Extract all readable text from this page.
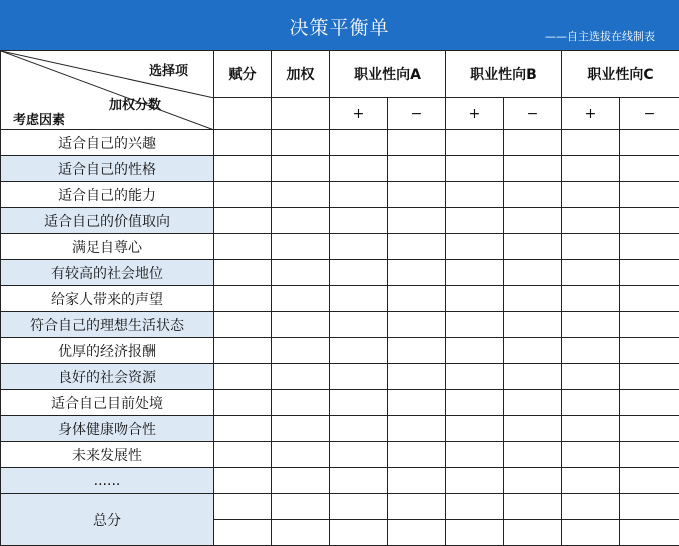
决策平衡单	——自主选拔在线制表
选择项
加权分数
考虑因素	赋分	加权	职业性向A		职业性向B		职业性向C	
			+	−	+	−	+	−
适合自己的兴趣								
适合自己的性格								
适合自己的能力								
适合自己的价值取向								
满足自尊心								
有较高的社会地位								
给家人带来的声望								
符合自己的理想生活状态								
优厚的经济报酬								
良好的社会资源								
适合自己目前处境								
身体健康吻合性								
未来发展性								
......								
总分								
